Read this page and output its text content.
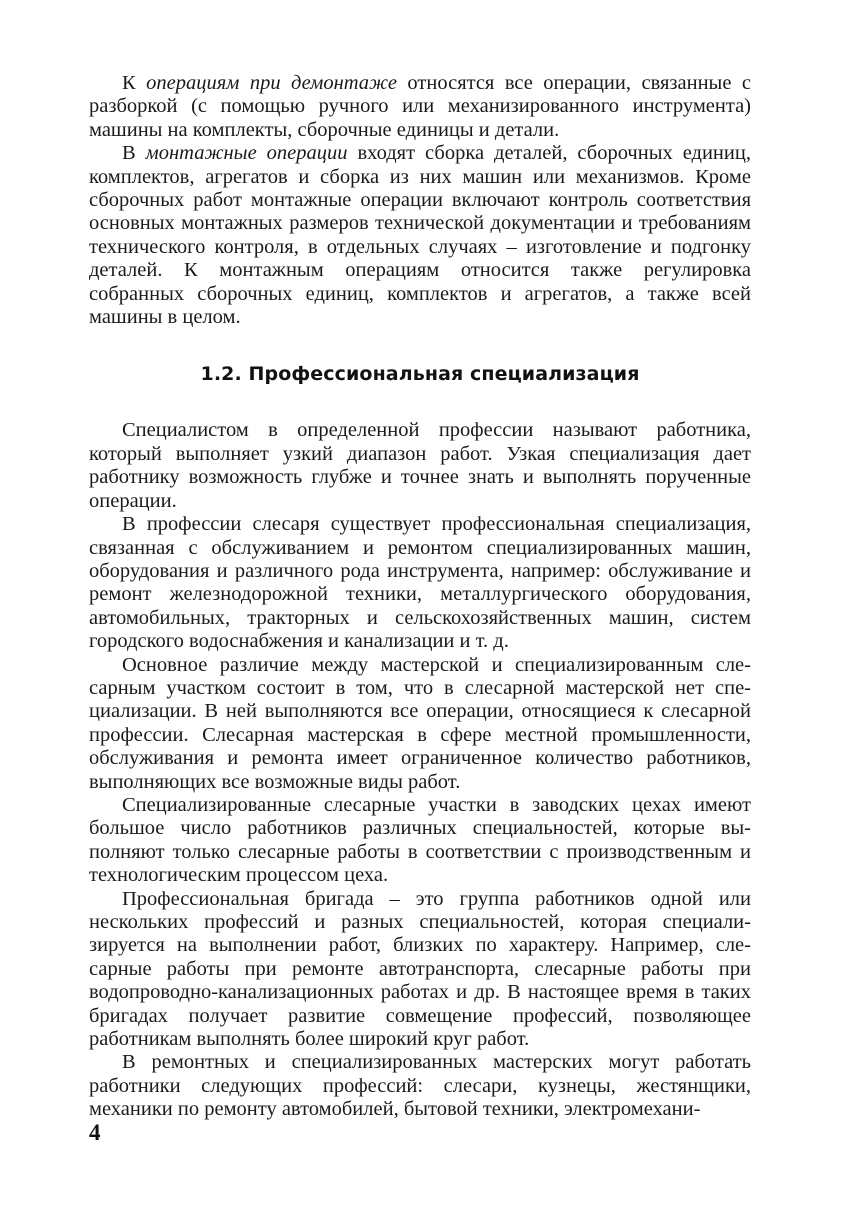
К операциям при демонтаже относятся все операции, связанные с разборкой (с помощью ручного или механизированного инструмента) машины на комплекты, сборочные единицы и детали.

В монтажные операции входят сборка деталей, сборочных единиц, комплектов, агрегатов и сборка из них машин или механизмов. Кроме сборочных работ монтажные операции включают контроль соответствия основных монтажных размеров технической документации и требованиям технического контроля, в отдельных случаях – изготовление и подгонку деталей. К монтажным операциям относится также регулировка собранных сборочных единиц, комплектов и агрегатов, а также всей машины в целом.

1.2. Профессиональная специализация

Специалистом в определенной профессии называют работника, который выполняет узкий диапазон работ. Узкая специализация дает работнику возможность глубже и точнее знать и выполнять порученные операции.

В профессии слесаря существует профессиональная специализация, связанная с обслуживанием и ремонтом специализированных машин, оборудования и различного рода инструмента, например: обслуживание и ремонт железнодорожной техники, металлургического оборудования, автомобильных, тракторных и сельскохозяйственных машин, систем городского водоснабжения и канализации и т. д.

Основное различие между мастерской и специализированным слесарным участком состоит в том, что в слесарной мастерской нет специализации. В ней выполняются все операции, относящиеся к слесарной профессии. Слесарная мастерская в сфере местной промышленности, обслуживания и ремонта имеет ограниченное количество работников, выполняющих все возможные виды работ.

Специализированные слесарные участки в заводских цехах имеют большое число работников различных специальностей, которые выполняют только слесарные работы в соответствии с производственным и технологическим процессом цеха.

Профессиональная бригада – это группа работников одной или нескольких профессий и разных специальностей, которая специализируется на выполнении работ, близких по характеру. Например, слесарные работы при ремонте автотранспорта, слесарные работы при водопроводно-канализационных работах и др. В настоящее время в таких бригадах получает развитие совмещение профессий, позволяющее работникам выполнять более широкий круг работ.

В ремонтных и специализированных мастерских могут работать работники следующих профессий: слесари, кузнецы, жестянщики, механики по ремонту автомобилей, бытовой техники, электромехани-

4
